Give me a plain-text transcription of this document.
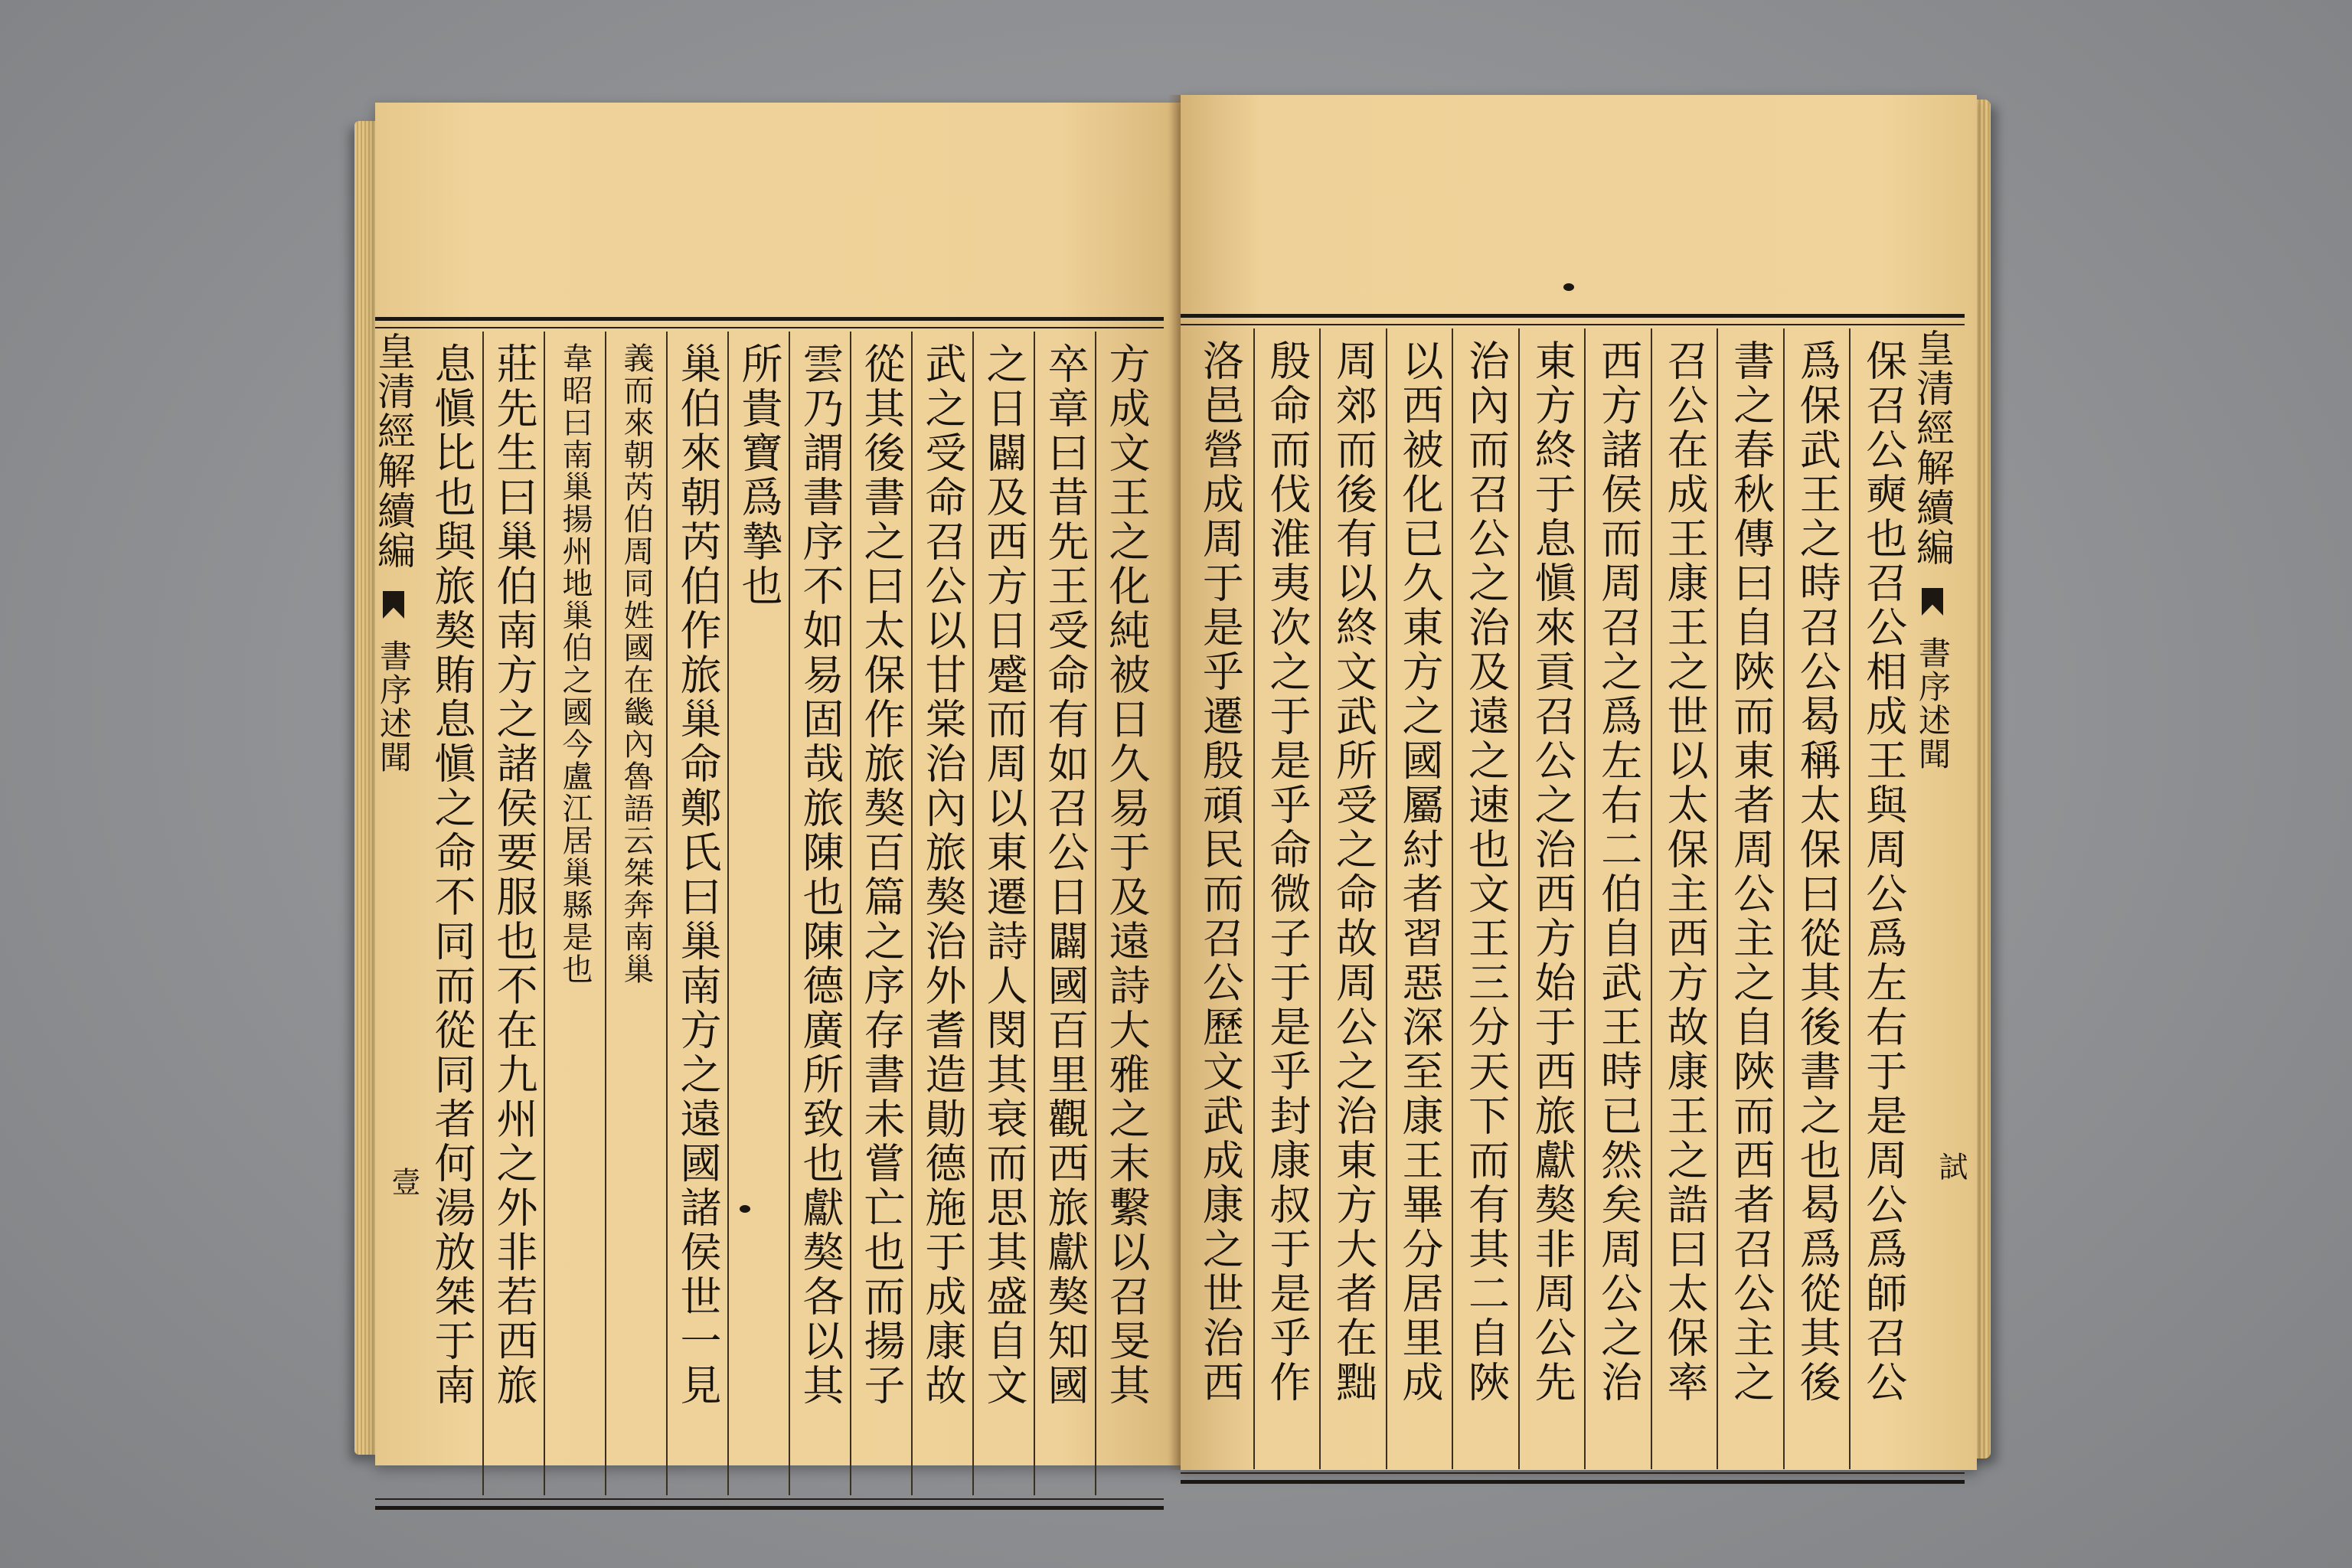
方成文王之化純被日久易于及遠詩大雅之末繫以召旻其
卒章曰昔先王受命有如召公日闢國百里觀西旅獻獒知國
之日闢及西方日蹙而周以東遷詩人閔其衰而思其盛自文
武之受命召公以甘棠治內旅獒治外耆造勛德施于成康故
從其後書之曰太保作旅獒百篇之序存書未嘗亡也而揚子
雲乃謂書序不如易固哉旅陳也陳德廣所致也獻獒各以其
所貴寶爲摯也
巢伯來朝芮伯作旅巢命鄭氏曰巢南方之遠國諸侯世一見
義而來朝芮伯周同姓國在畿內魯語云桀奔南巢
韋昭曰南巢揚州地巢伯之國今盧江居巢縣是也
莊先生曰巢伯南方之諸侯要服也不在九州之外非若西旅
息愼比也與旅獒賄息愼之命不同而從同者何湯放桀于南
皇清經解續編  書序述聞
壹	保召公奭也召公相成王與周公爲左右于是周公爲師召公
爲保武王之時召公曷稱太保曰從其後書之也曷爲從其後
書之春秋傳曰自陜而東者周公主之自陜而西者召公主之
召公在成王康王之世以太保主西方故康王之誥曰太保率
西方諸侯而周召之爲左右二伯自武王時已然矣周公之治
東方終于息愼來貢召公之治西方始于西旅獻獒非周公先
治內而召公之治及遠之速也文王三分天下而有其二自陜
以西被化已久東方之國屬紂者習惡深至康王畢分居里成
周郊而後有以終文武所受之命故周公之治東方大者在黜
殷命而伐淮夷次之于是乎命微子于是乎封康叔于是乎作
洛邑營成周于是乎遷殷頑民而召公歷文武成康之世治西	皇清經解續編  書序述聞
試
